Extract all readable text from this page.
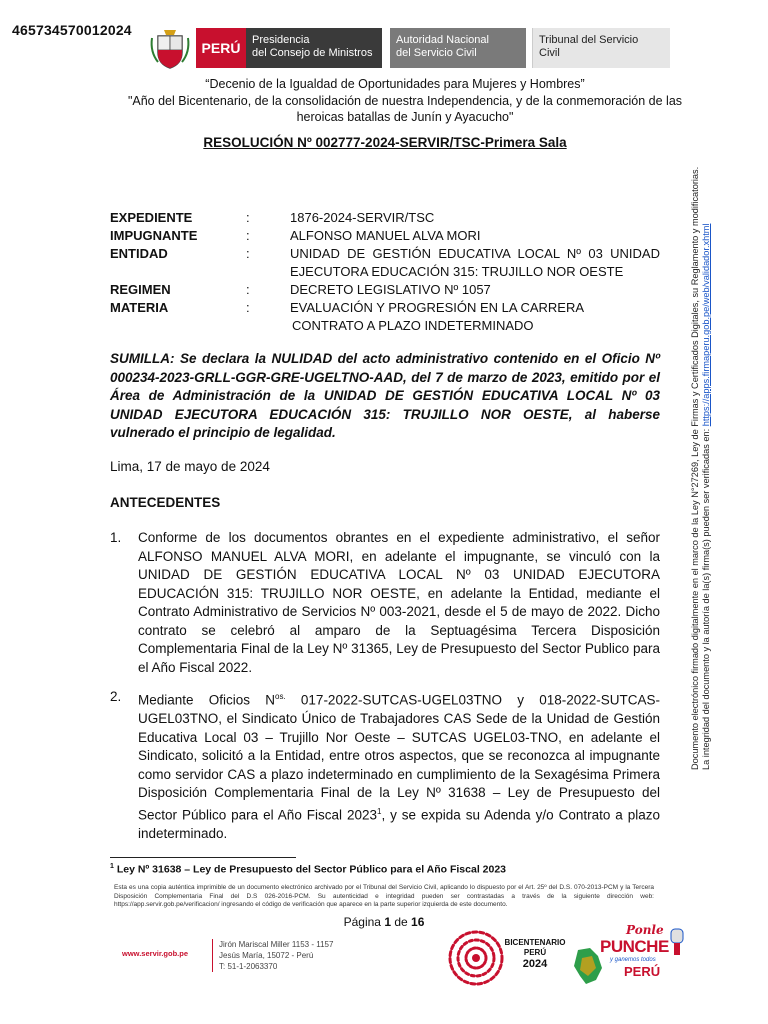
465734570012024
PERÚ	Presidencia
del Consejo de Ministros
Autoridad Nacional
del Servicio Civil
Tribunal del Servicio
Civil
“Decenio de la Igualdad de Oportunidades para Mujeres y Hombres”
"Año del Bicentenario, de la consolidación de nuestra Independencia, y de la conmemoración de las heroicas batallas de Junín y Ayacucho"
RESOLUCIÓN Nº 002777-2024-SERVIR/TSC-Primera Sala
EXPEDIENTE	:	1876-2024-SERVIR/TSC
IMPUGNANTE	:	ALFONSO MANUEL ALVA MORI
ENTIDAD	:	UNIDAD DE GESTIÓN EDUCATIVA LOCAL Nº 03 UNIDAD EJECUTORA EDUCACIÓN 315: TRUJILLO NOR OESTE
REGIMEN	:	DECRETO LEGISLATIVO Nº 1057
MATERIA	:	EVALUACIÓN Y PROGRESIÓN EN LA CARRERA
CONTRATO A PLAZO INDETERMINADO
SUMILLA: Se declara la NULIDAD del acto administrativo contenido en el Oficio Nº 000234-2023-GRLL-GGR-GRE-UGELTNO-AAD, del 7 de marzo de 2023, emitido por el Área de Administración de la UNIDAD DE GESTIÓN EDUCATIVA LOCAL Nº 03 UNIDAD EJECUTORA EDUCACIÓN 315: TRUJILLO NOR OESTE, al haberse vulnerado el principio de legalidad.
Lima, 17 de mayo de 2024
ANTECEDENTES
1. Conforme de los documentos obrantes en el expediente administrativo, el señor ALFONSO MANUEL ALVA MORI, en adelante el impugnante, se vinculó con la UNIDAD DE GESTIÓN EDUCATIVA LOCAL Nº 03 UNIDAD EJECUTORA EDUCACIÓN 315: TRUJILLO NOR OESTE, en adelante la Entidad, mediante el Contrato Administrativo de Servicios Nº 003-2021, desde el 5 de mayo de 2022. Dicho contrato se celebró al amparo de la Septuagésima Tercera Disposición Complementaria Final de la Ley Nº 31365, Ley de Presupuesto del Sector Publico para el Año Fiscal 2022.
2. Mediante Oficios $N^{os.}$ 017-2022-SUTCAS-UGEL03TNO y 018-2022-SUTCAS-UGEL03TNO, el Sindicato Único de Trabajadores CAS Sede de la Unidad de Gestión Educativa Local 03 – Trujillo Nor Oeste – SUTCAS UGEL03-TNO, en adelante el Sindicato, solicitó a la Entidad, entre otros aspectos, que se reconozca al impugnante como servidor CAS a plazo indeterminado en cumplimiento de la Sexagésima Primera Disposición Complementaria Final de la Ley Nº 31638 – Ley de Presupuesto del Sector Público para el Año Fiscal 2023$^1$, y se expida su Adenda y/o Contrato a plazo indeterminado.
$^1$ Ley Nº 31638 – Ley de Presupuesto del Sector Público para el Año Fiscal 2023
Esta es una copia auténtica imprimible de un documento electrónico archivado por el Tribunal del Servicio Civil, aplicando lo dispuesto por el Art. 25º del D.S. 070-2013-PCM y la Tercera Disposición Complementaria Final del D.S 026-2016-PCM. Su autenticidad e integridad pueden ser contrastadas a través de la siguiente dirección web: https://app.servir.gob.pe/verificacion/ ingresando el código de verificación que aparece en la parte superior izquierda de este documento.
Página 1 de 16
www.servir.gob.pe
Jirón Mariscal Miller 1153 - 1157
Jesús María, 15072 - Perú
T: 51-1-2063370
BICENTENARIO
PERÚ
2024
Ponle
PUNCHE
y ganemos todos
PERÚ
Documento electrónico firmado digitalmente en el marco de la Ley N°27269, Ley de Firmas y Certificados Digitales, su Reglamento y modificatorias. La integridad del documento y la autoría de la(s) firma(s) pueden ser verificadas en: https://apps.firmaperu.gob.pe/web/validador.xhtml
